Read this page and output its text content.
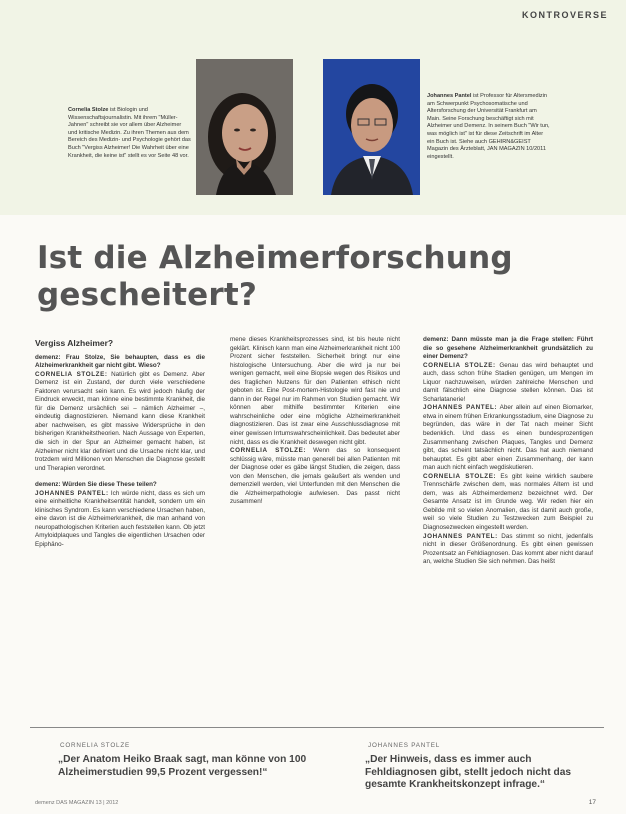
KONTROVERSE
Cornelia Stolze ist Biologin und Wissenschaftsjournalistin. Mit ihrem "Müller-Jahnen" schreibt sie vor allem über Alzheimer und kritische Medizin. Zu ihren Themen aus dem Bereich des Medizin- und Psychologie gehört das Buch "Vergiss Alzheimer! Die Wahrheit über eine Krankheit, die keine ist" stellt es vor Seite 48 vor.
Johannes Pantel ist Professor für Altersmedizin am Schwerpunkt Psychosomatische und Altersforschung der Universität Frankfurt am Main. Seine Forschung beschäftigt sich mit Alzheimer und Demenz. In seinem Buch "Wir tun, was möglich ist" ist für diese Zeitschrift im Alter ein Buch ist. Siehe auch GEHIRN&GEIST Magazin des Ärzteblatt, JAN MAGAZIN 10/2011 eingestellt.
Ist die Alzheimerforschung gescheitert?
Vergiss Alzheimer?

demenz: Frau Stolze, Sie behaupten, dass es die Alzheimerkrankheit gar nicht gibt. Wieso?

CORNELIA STOLZE: Natürlich gibt es Demenz. Aber Demenz ist ein Zustand, der durch viele verschiedene Faktoren verursacht sein kann. Es wird jedoch häufig der Eindruck erweckt, man könne eine bestimmte Krankheit, die für die Demenz ursächlich sei – nämlich Alzheimer –, eindeutig diagnostizieren. Niemand kann diese Krankheit aber nachweisen, es gibt massive Widersprüche in den bisherigen Krankheitstheorien. Nach Aussage von Experten, die sich in der Spur an Alzheimer gemacht haben, ist Alzheimer nicht klar definiert und die Ursache nicht klar, und trotzdem wird Millionen von Menschen die Diagnose gestellt und Therapien verordnet.

demenz: Würden Sie diese These teilen?

JOHANNES PANTEL: Ich würde nicht, dass es sich um eine einheitliche Krankheitsentität handelt, sondern um ein klinisches Syndrom. Es kann verschiedene Ursachen haben, eine davon ist die Alzheimerkrankheit, die man anhand von neuropathologischen Kriterien auch feststellen kann. Ob jetzt Amyloidplaques und Tangles die eigentlichen Ursachen oder Epiphäno-

mene dieses Krankheitsprozesses sind, ist bis heute nicht geklärt. Klinisch kann man eine Alzheimerkrankheit nicht 100 Prozent sicher feststellen. Sicherheit bringt nur eine histologische Untersuchung. Aber die wird ja nur bei wenigen gemacht, weil eine Biopsie wegen des Risikos und des fraglichen Nutzens für den Patienten ethisch nicht geboten ist. Eine Post-mortem-Histologie wird fast nie und dann in der Regel nur im Rahmen von Studien gemacht. Wir können aber mithilfe bestimmter Kriterien eine wahrscheinliche oder eine mögliche Alzheimerkrankheit diagnostizieren. Das ist zwar eine Ausschlussdiagnose mit einer gewissen Irrtumswahrscheinlichkeit. Das bedeutet aber nicht, dass es die Krankheit deswegen nicht gibt.

CORNELIA STOLZE: Wenn das so konsequent schlüssig wäre, müsste man generell bei allen Patienten mit der Diagnose oder es gäbe längst Studien, die zeigen, dass von den Menschen, die jemals geäußert als wenden und demenziell werden, viel Unterfunden mit den Menschen die die Alzheimerpathologie aufwiesen. Das passt nicht zusammen!

demenz: Dann müsste man ja die Frage stellen: Führt die so gesehene Alzheimerkrankheit grundsätzlich zu einer Demenz?

CORNELIA STOLZE: Genau das wird behauptet und auch, dass schon frühe Stadien genügen, um Mengen im Liquor nachzuweisen, würden zahlreiche Menschen und damit fälschlich eine Diagnose stellen können. Das ist Scharlatanerie!

JOHANNES PANTEL: Aber allein auf einen Biomarker, etwa in einem frühen Erkrankungsstadium, eine Diagnose zu begründen, das wäre in der Tat nach meiner Sicht bedenklich. Und dass es einen bundesprozentigen Zusammenhang zwischen Plaques, Tangles und Demenz gibt, das scheint tatsächlich nicht. Das hat auch niemand behauptet. Es gibt aber einen Zusammenhang, der kann man auch nicht einfach wegdiskutieren.

CORNELIA STOLZE: Es gibt keine wirklich saubere Trennschärfe zwischen dem, was normales Altern ist und dem, was als Alzheimerdemenz bezeichnet wird. Der Gesamte Ansatz ist im Grunde weg. Wir reden hier ein Gebilde mit so vielen Anomalien, das ist damit auch große, weil so viele Studien zu Testzwecken zum Beispiel zu Diagnosezwecken eingestellt werden.

JOHANNES PANTEL: Das stimmt so nicht, jedenfalls nicht in dieser Größenordnung. Es gibt einen gewissen Prozentsatz an Fehldiagnosen. Das kommt aber nicht darauf an, welche Studien Sie sich nehmen. Das heißt

CORNELIA STOLZE
„Der Anatom Heiko Braak sagt, man könne von 100 Alzheimerstudien 99,5 Prozent vergessen!“
JOHANNES PANTEL
„Der Hinweis, dass es immer auch Fehldiagnosen gibt, stellt jedoch nicht das gesamte Krankheitskonzept infrage.“
demenz DAS MAGAZIN 13 | 2012	17
